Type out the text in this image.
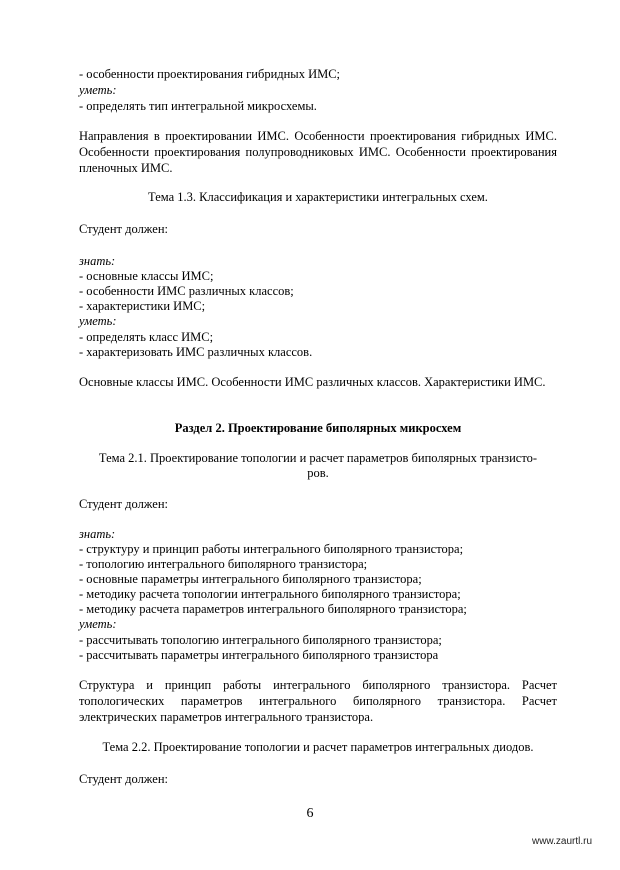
- особенности проектирования гибридных ИМС;

уметь:

- определять тип интегральной микросхемы.

Направления в проектировании ИМС. Особенности проектирования гибридных ИМС. Особенности проектирования полупроводниковых ИМС. Особенности проектирования пленочных ИМС.

Тема 1.3. Классификация и характеристики интегральных схем.

Студент должен:

знать:

- основные классы ИМС;

- особенности ИМС различных классов;

- характеристики ИМС;

уметь:

- определять класс ИМС;

- характеризовать ИМС различных классов.

Основные классы ИМС. Особенности ИМС различных классов. Характеристики ИМС.

Раздел 2. Проектирование биполярных микросхем

Тема 2.1. Проектирование топологии и расчет параметров биполярных транзисто-

ров.

Студент должен:

знать:

- структуру и принцип работы интегрального биполярного транзистора;

- топологию интегрального биполярного транзистора;

- основные параметры интегрального биполярного транзистора;

- методику расчета топологии интегрального биполярного транзистора;

- методику расчета параметров интегрального биполярного транзистора;

уметь:

- рассчитывать топологию интегрального биполярного транзистора;

- рассчитывать параметры интегрального биполярного транзистора

Структура и принцип работы интегрального биполярного транзистора. Расчет топологических параметров интегрального биполярного транзистора. Расчет электрических параметров интегрального транзистора.

Тема 2.2. Проектирование топологии и расчет параметров интегральных диодов.

Студент должен:

6
www.zaurtl.ru
